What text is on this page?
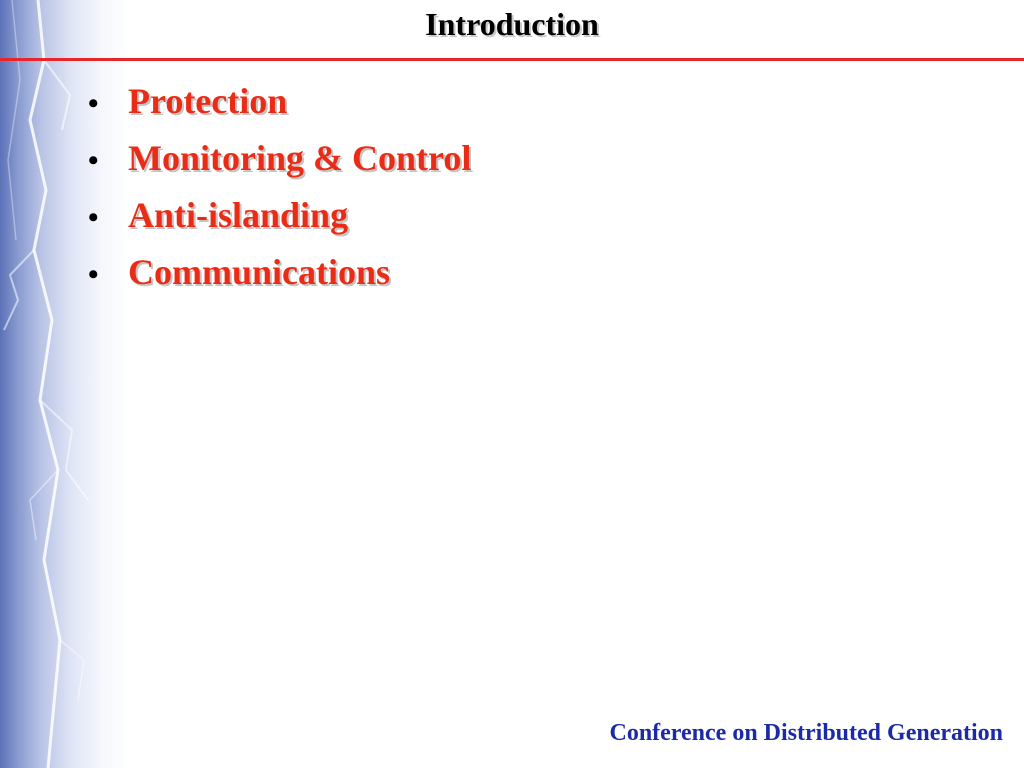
Introduction
• Protection
• Monitoring & Control
• Anti-islanding
• Communications
Conference on Distributed Generation
